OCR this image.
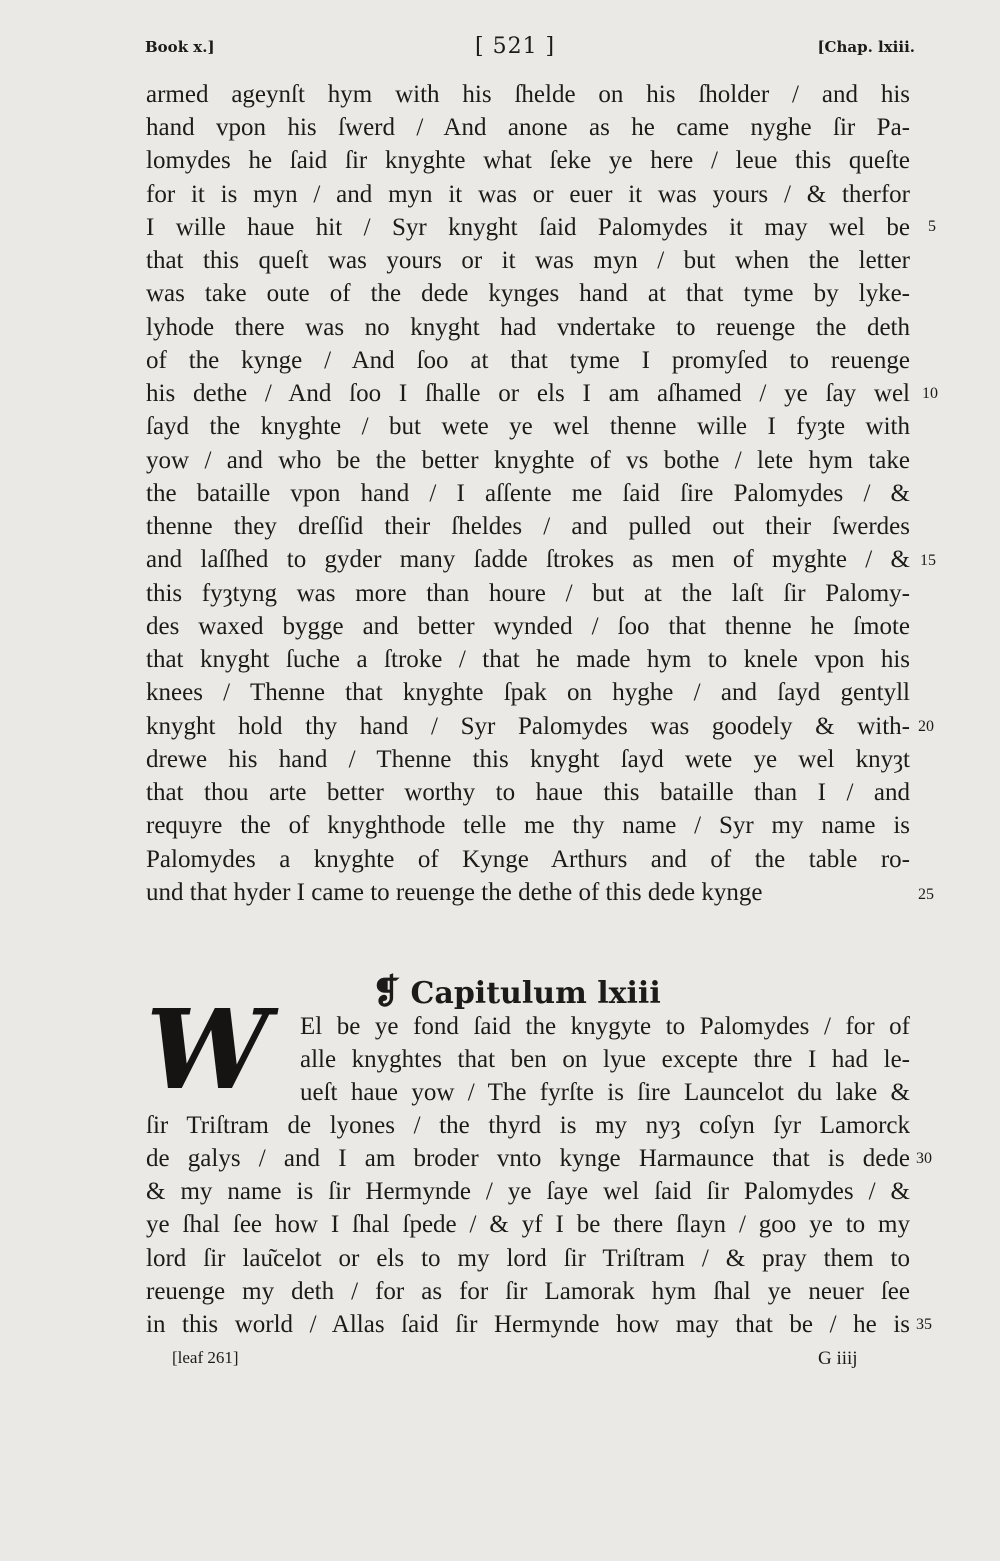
Book x.]	[ 521 ]	[Chap. lxiii.
armed ageynſt hym with his ſhelde on his ſholder / and his
hand vpon his ſwerd / And anone as he came nyghe ſir Pa-
lomydes he ſaid ſir knyghte what ſeke ye here / leue this queſte
for it is myn / and myn it was or euer it was yours / & therfor
I wille haue hit / Syr knyght ſaid Palomydes it may wel be
that this queſt was yours or it was myn / but when the letter
was take oute of the dede kynges hand at that tyme by lyke-
lyhode there was no knyght had vndertake to reuenge the deth
of the kynge / And ſoo at that tyme I promyſed to reuenge
his dethe / And ſoo I ſhalle or els I am aſhamed / ye ſay wel
ſayd the knyghte / but wete ye wel thenne wille I fyȝte with
yow / and who be the better knyghte of vs bothe / lete hym take
the bataille vpon hand / I aſſente me ſaid ſire Palomydes / &
thenne they dreſſid their ſheldes / and pulled out their ſwerdes
and laſſhed to gyder many ſadde ſtrokes as men of myghte / &
this fyȝtyng was more than houre / but at the laſt ſir Palomy-
des waxed bygge and better wynded / ſoo that thenne he ſmote
that knyght ſuche a ſtroke / that he made hym to knele vpon his
knees / Thenne that knyghte ſpak on hyghe / and ſayd gentyll
knyght hold thy hand / Syr Palomydes was goodely & with-
drewe his hand / Thenne this knyght ſayd wete ye wel knyȝt
that thou arte better worthy to haue this bataille than I / and
requyre the of knyghthode telle me thy name / Syr my name is
Palomydes a knyghte of Kynge Arthurs and of the table ro-
und that hyder I came to reuenge the dethe of this dede kynge
5
10
15
20
25
❡ Capitulum lxiii
W	El be ye fond ſaid the knygyte to Palomydes / for of
alle knyghtes that ben on lyue excepte thre I had le-
ueſt haue yow / The fyrſte is ſire Launcelot du lake &
ſir Triſtram de lyones / the thyrd is my nyȝ coſyn ſyr Lamorck
de galys / and I am broder vnto kynge Harmaunce that is dede
& my name is ſir Hermynde / ye ſaye wel ſaid ſir Palomydes / &
ye ſhal ſee how I ſhal ſpede / & yf I be there ſlayn / goo ye to my
lord ſir lau͂celot or els to my lord ſir Triſtram / & pray them to
reuenge my deth / for as for ſir Lamorak hym ſhal ye neuer ſee
in this world / Allas ſaid ſir Hermynde how may that be / he is
30
35
[leaf 261]	G iiij
